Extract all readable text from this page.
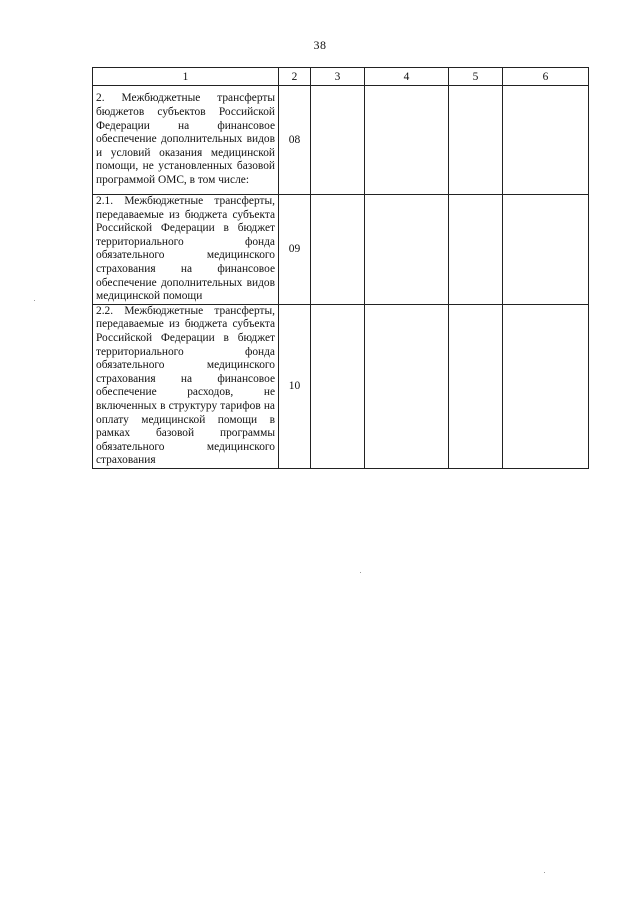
38
1	2	3	4	5	6
2. Межбюджетные трансферты бюджетов субъектов Российской Федерации на финансовое обеспечение дополнительных видов и условий оказания медицинской помощи, не установленных базовой программой ОМС, в том числе:	08				
2.1. Межбюджетные трансферты, передаваемые из бюджета субъекта Российской Федерации в бюджет территориального фонда обязательного медицинского страхования на финансовое обеспечение дополнительных видов медицинской помощи	09				
2.2. Межбюджетные трансферты, передаваемые из бюджета субъекта Российской Федерации в бюджет территориального фонда обязательного медицинского страхования на финансовое обеспечение расходов, не включенных в структуру тарифов на оплату медицинской помощи в рамках базовой программы обязательного медицинского страхования	10				
